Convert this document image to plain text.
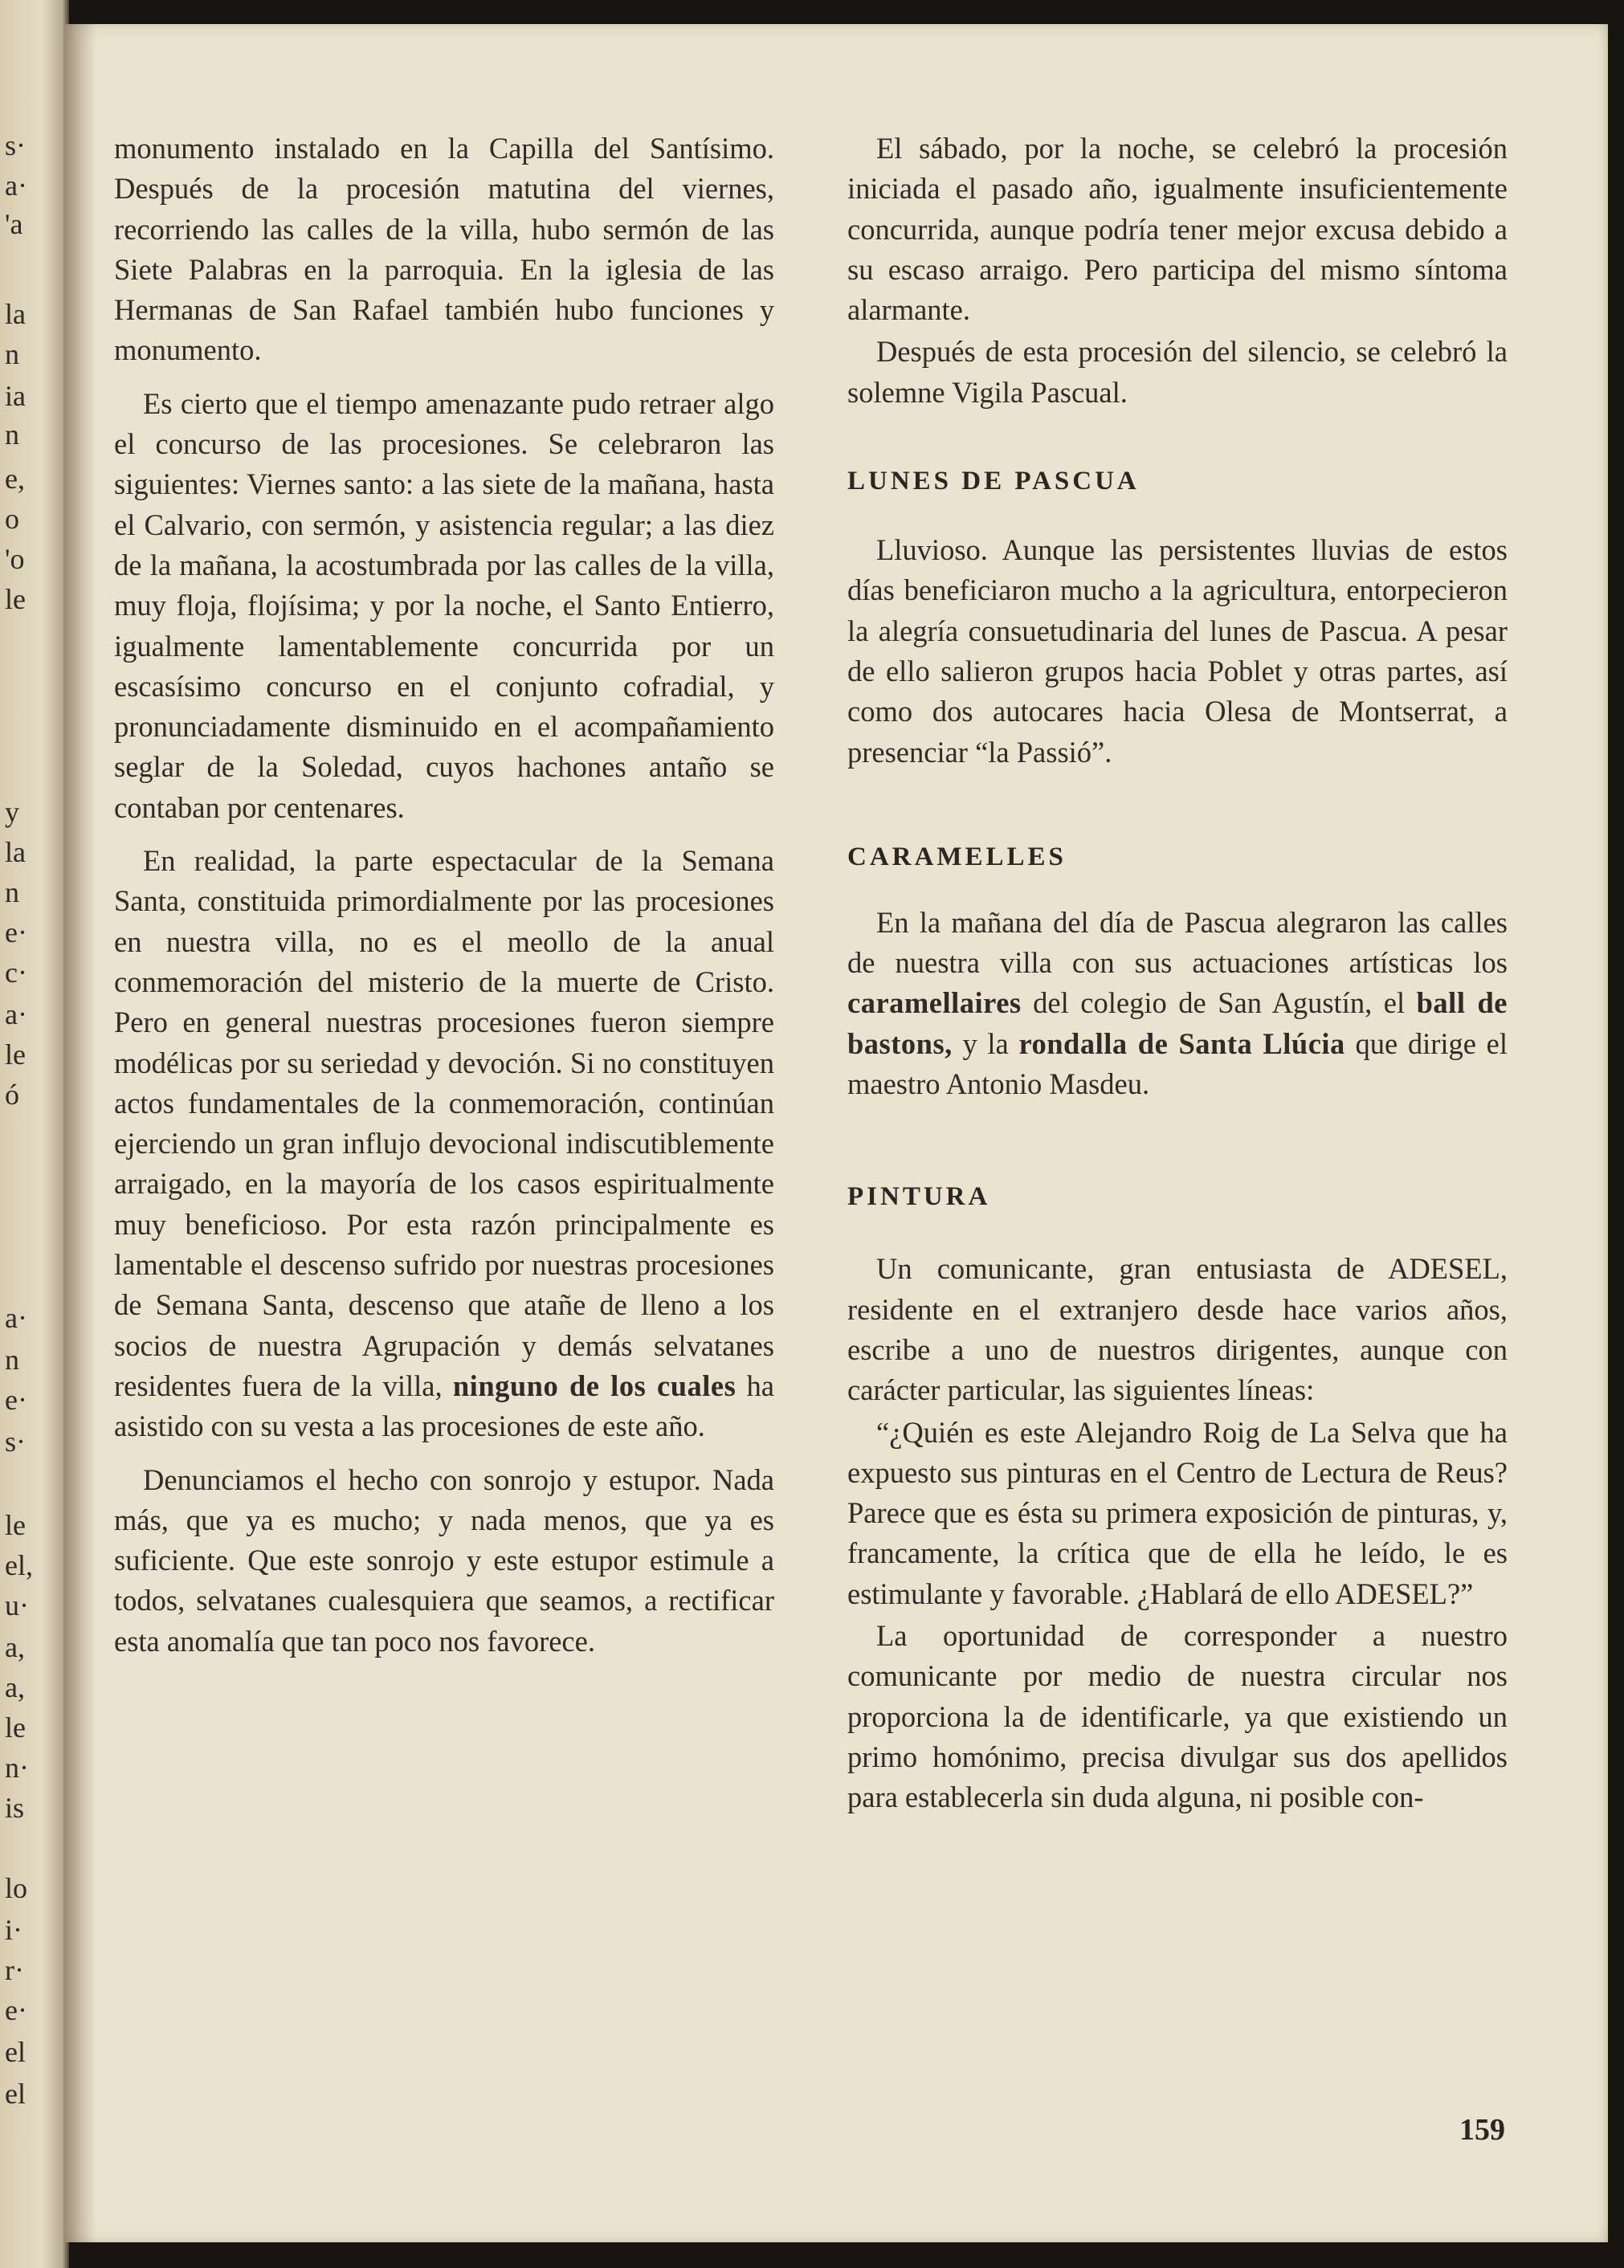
s·
a·
'a
la
n
ia
n
e,
o
'o
le
y
la
n
e·
c·
a·
le
ó
a·
n
e·
s·
le
el,
u·
a,
a,
le
n·
is
lo
i·
r·
e·
el
el

monumento instalado en la Capilla del Santísimo. Después de la procesión matutina del viernes, recorriendo las calles de la villa, hubo sermón de las Siete Palabras en la parroquia. En la iglesia de las Hermanas de San Rafael también hubo funciones y monumento.

Es cierto que el tiempo amenazante pudo retraer algo el concurso de las procesiones. Se celebraron las siguientes: Viernes santo: a las siete de la mañana, hasta el Calvario, con sermón, y asistencia regular; a las diez de la mañana, la acostumbrada por las calles de la villa, muy floja, flojísima; y por la noche, el Santo Entierro, igualmente lamentablemente concurrida por un escasísimo concurso en el conjunto cofradial, y pronunciadamente disminuido en el acompañamiento seglar de la Soledad, cuyos hachones antaño se contaban por centenares.

En realidad, la parte espectacular de la Semana Santa, constituida primordialmente por las procesiones en nuestra villa, no es el meollo de la anual conmemoración del misterio de la muerte de Cristo. Pero en general nuestras procesiones fueron siempre modélicas por su seriedad y devoción. Si no constituyen actos fundamentales de la conmemoración, continúan ejerciendo un gran influjo devocional indiscutiblemente arraigado, en la mayoría de los casos espiritualmente muy beneficioso. Por esta razón principalmente es lamentable el descenso sufrido por nuestras procesiones de Semana Santa, descenso que atañe de lleno a los socios de nuestra Agrupación y demás selvatanes residentes fuera de la villa, ninguno de los cuales ha asistido con su vesta a las procesiones de este año.

Denunciamos el hecho con sonrojo y estupor. Nada más, que ya es mucho; y nada menos, que ya es suficiente. Que este sonrojo y este estupor estimule a todos, selvatanes cualesquiera que seamos, a rectificar esta anomalía que tan poco nos favorece.

El sábado, por la noche, se celebró la procesión iniciada el pasado año, igualmente insuficientemente concurrida, aunque podría tener mejor excusa debido a su escaso arraigo. Pero participa del mismo síntoma alarmante.

Después de esta procesión del silencio, se celebró la solemne Vigila Pascual.

LUNES DE PASCUA

Lluvioso. Aunque las persistentes lluvias de estos días beneficiaron mucho a la agricultura, entorpecieron la alegría consuetudinaria del lunes de Pascua. A pesar de ello salieron grupos hacia Poblet y otras partes, así como dos autocares hacia Olesa de Montserrat, a presenciar “la Passió”.

CARAMELLES

En la mañana del día de Pascua alegraron las calles de nuestra villa con sus actuaciones artísticas los caramellaires del colegio de San Agustín, el ball de bastons, y la rondalla de Santa Llúcia que dirige el maestro Antonio Masdeu.

PINTURA

Un comunicante, gran entusiasta de ADESEL, residente en el extranjero desde hace varios años, escribe a uno de nuestros dirigentes, aunque con carácter particular, las siguientes líneas:

“¿Quién es este Alejandro Roig de La Selva que ha expuesto sus pinturas en el Centro de Lectura de Reus? Parece que es ésta su primera exposición de pinturas, y, francamente, la crítica que de ella he leído, le es estimulante y favorable. ¿Hablará de ello ADESEL?”

La oportunidad de corresponder a nuestro comunicante por medio de nuestra circular nos proporciona la de identificarle, ya que existiendo un primo homónimo, precisa divulgar sus dos apellidos para establecerla sin duda alguna, ni posible con-

159
